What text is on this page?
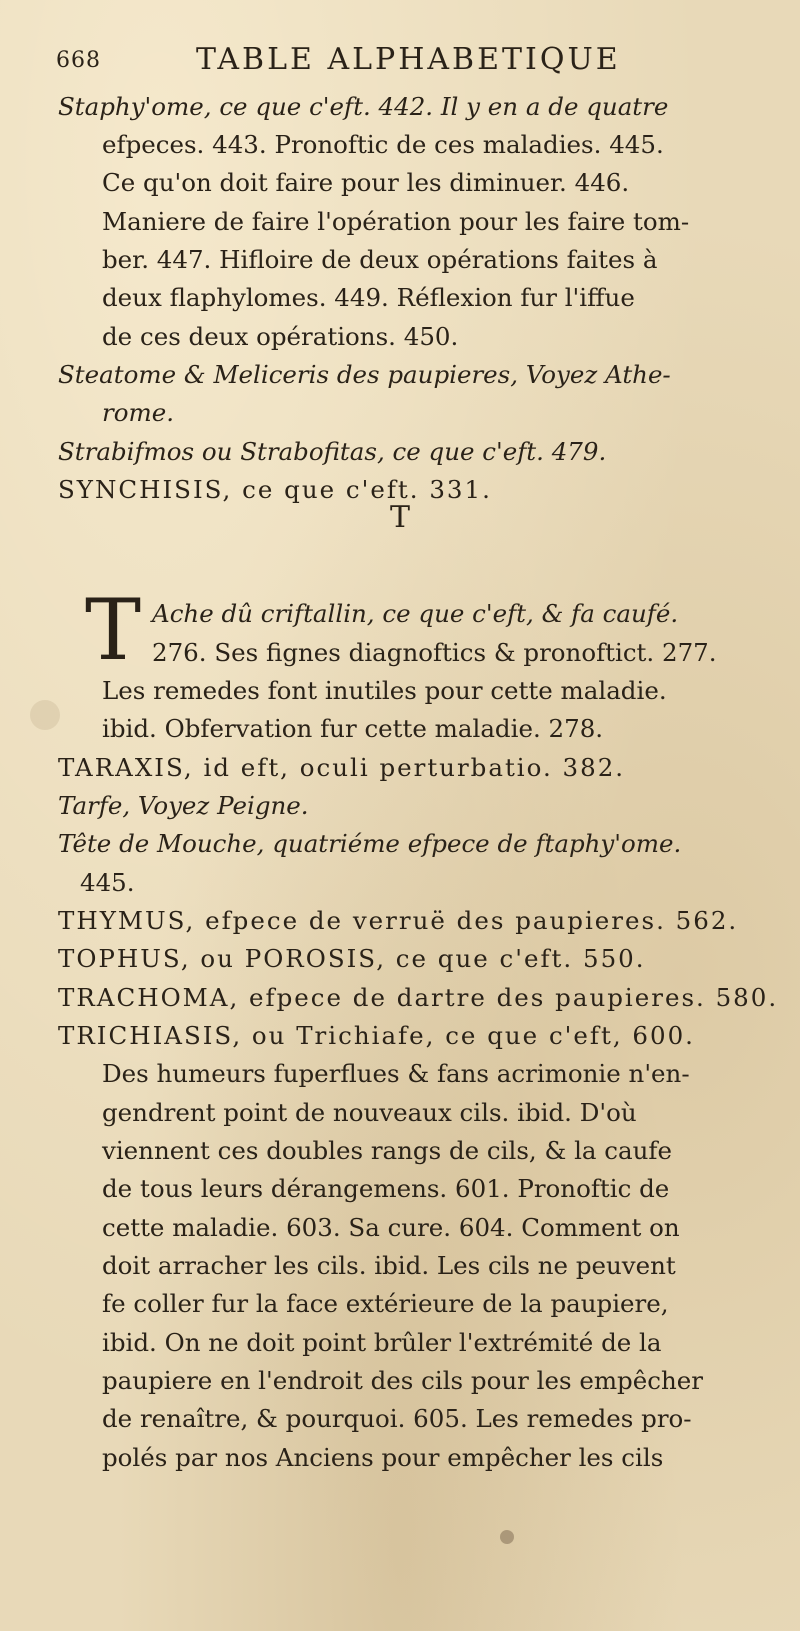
668	TABLE ALPHABETIQUE
Staphy'ome, ce que c'eft. 442. Il y en a de quatre
efpeces. 443. Pronoftic de ces maladies. 445.
Ce qu'on doit faire pour les diminuer. 446.
Maniere de faire l'opération pour les faire tom-
ber. 447. Hifloire de deux opérations faites à
deux flaphylomes. 449. Réflexion fur l'iffue
de ces deux opérations. 450.
Steatome & Meliceris des paupieres, Voyez Athe-
rome.
Strabifmos ou Strabofitas, ce que c'eft. 479.
SYNCHISIS, ce que c'eft. 331.
T
T Ache dû criftallin, ce que c'eft, & fa caufé.
276. Ses fignes diagnoftics & pronoftict. 277.
Les remedes font inutiles pour cette maladie.
ibid. Obfervation fur cette maladie. 278.
TARAXIS, id eft, oculi perturbatio. 382.
Tarfe, Voyez Peigne.
Tête de Mouche, quatriéme efpece de ftaphy'ome.
445.
THYMUS, efpece de verruë des paupieres. 562.
TOPHUS, ou POROSIS, ce que c'eft. 550.
TRACHOMA, efpece de dartre des paupieres. 580.
TRICHIASIS, ou Trichiafe, ce que c'eft, 600.
Des humeurs fuperflues & fans acrimonie n'en-
gendrent point de nouveaux cils. ibid. D'où
viennent ces doubles rangs de cils, & la caufe
de tous leurs dérangemens. 601. Pronoftic de
cette maladie. 603. Sa cure. 604. Comment on
doit arracher les cils. ibid. Les cils ne peuvent
fe coller fur la face extérieure de la paupiere,
ibid. On ne doit point brûler l'extrémité de la
paupiere en l'endroit des cils pour les empêcher
de renaître, & pourquoi. 605. Les remedes pro-
polés par nos Anciens pour empêcher les cils
